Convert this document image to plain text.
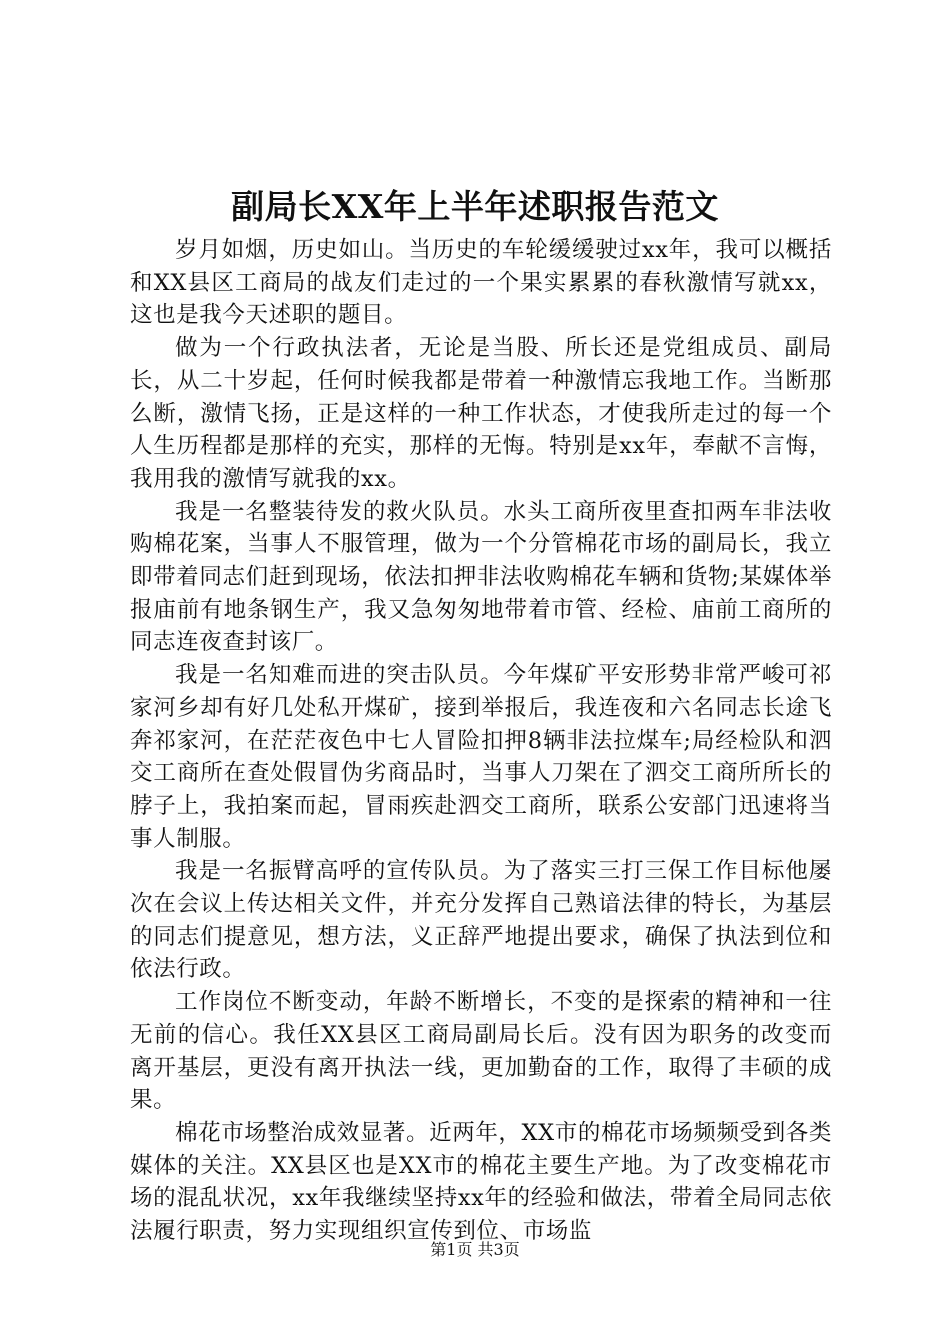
副局长XX年上半年述职报告范文

岁月如烟，历史如山。当历史的车轮缓缓驶过xx年，我可以概括和XX县区工商局的战友们走过的一个果实累累的春秋激情写就xx，这也是我今天述职的题目。

做为一个行政执法者，无论是当股、所长还是党组成员、副局长，从二十岁起，任何时候我都是带着一种激情忘我地工作。当断那么断，激情飞扬，正是这样的一种工作状态，才使我所走过的每一个人生历程都是那样的充实，那样的无悔。特别是xx年，奉献不言悔，我用我的激情写就我的xx。

我是一名整装待发的救火队员。水头工商所夜里查扣两车非法收购棉花案，当事人不服管理，做为一个分管棉花市场的副局长，我立即带着同志们赶到现场，依法扣押非法收购棉花车辆和货物;某媒体举报庙前有地条钢生产，我又急匆匆地带着市管、经检、庙前工商所的同志连夜查封该厂。

我是一名知难而进的突击队员。今年煤矿平安形势非常严峻可祁家河乡却有好几处私开煤矿，接到举报后，我连夜和六名同志长途飞奔祁家河，在茫茫夜色中七人冒险扣押8辆非法拉煤车;局经检队和泗交工商所在查处假冒伪劣商品时，当事人刀架在了泗交工商所所长的脖子上，我拍案而起，冒雨疾赴泗交工商所，联系公安部门迅速将当事人制服。

我是一名振臂高呼的宣传队员。为了落实三打三保工作目标他屡次在会议上传达相关文件，并充分发挥自己熟谙法律的特长，为基层的同志们提意见，想方法，义正辞严地提出要求，确保了执法到位和依法行政。

工作岗位不断变动，年龄不断增长，不变的是探索的精神和一往无前的信心。我任XX县区工商局副局长后。没有因为职务的改变而离开基层，更没有离开执法一线，更加勤奋的工作，取得了丰硕的成果。

棉花市场整治成效显著。近两年，XX市的棉花市场频频受到各类媒体的关注。XX县区也是XX市的棉花主要生产地。为了改变棉花市场的混乱状况，xx年我继续坚持xx年的经验和做法，带着全局同志依法履行职责，努力实现组织宣传到位、市场监

第1页 共3页
